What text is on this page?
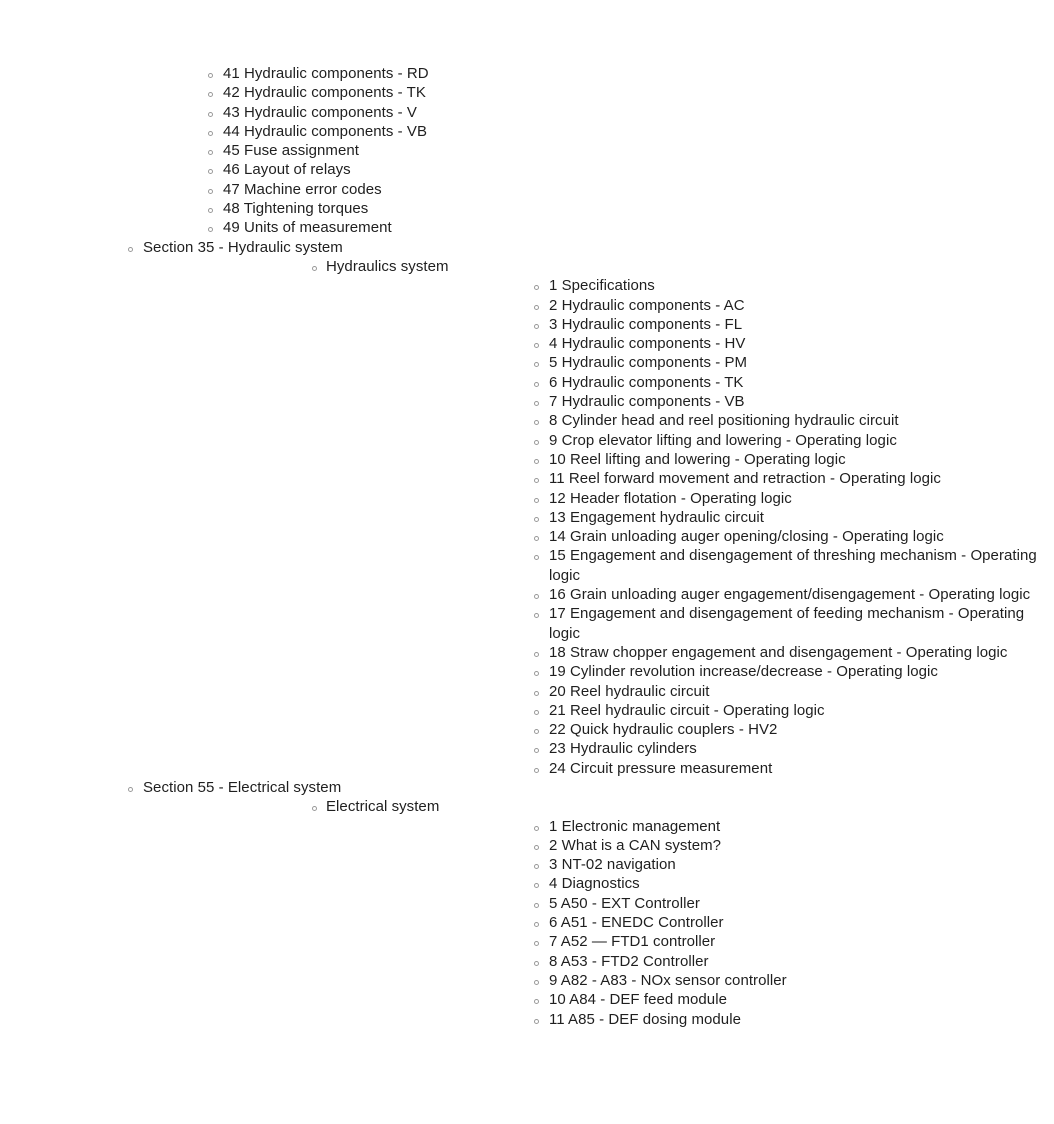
41 Hydraulic components - RD
42 Hydraulic components - TK
43 Hydraulic components - V
44 Hydraulic components - VB
45 Fuse assignment
46 Layout of relays
47 Machine error codes
48 Tightening torques
49 Units of measurement
Section 35 - Hydraulic system
Hydraulics system
1 Specifications
2 Hydraulic components - AC
3 Hydraulic components - FL
4 Hydraulic components - HV
5 Hydraulic components - PM
6 Hydraulic components - TK
7 Hydraulic components - VB
8 Cylinder head and reel positioning hydraulic circuit
9 Crop elevator lifting and lowering - Operating logic
10 Reel lifting and lowering - Operating logic
11 Reel forward movement and retraction - Operating logic
12 Header flotation - Operating logic
13 Engagement hydraulic circuit
14 Grain unloading auger opening/closing - Operating logic
15 Engagement and disengagement of threshing mechanism - Operating logic
16 Grain unloading auger engagement/disengagement - Operating logic
17 Engagement and disengagement of feeding mechanism - Operating logic
18 Straw chopper engagement and disengagement - Operating logic
19 Cylinder revolution increase/decrease - Operating logic
20 Reel hydraulic circuit
21 Reel hydraulic circuit - Operating logic
22 Quick hydraulic couplers - HV2
23 Hydraulic cylinders
24 Circuit pressure measurement
Section 55 - Electrical system
Electrical system
1 Electronic management
2 What is a CAN system?
3 NT-02 navigation
4 Diagnostics
5 A50 - EXT Controller
6 A51 - ENEDC Controller
7 A52 — FTD1 controller
8 A53 - FTD2 Controller
9 A82 - A83 - NOx sensor controller
10 A84 - DEF feed module
11 A85 - DEF dosing module
